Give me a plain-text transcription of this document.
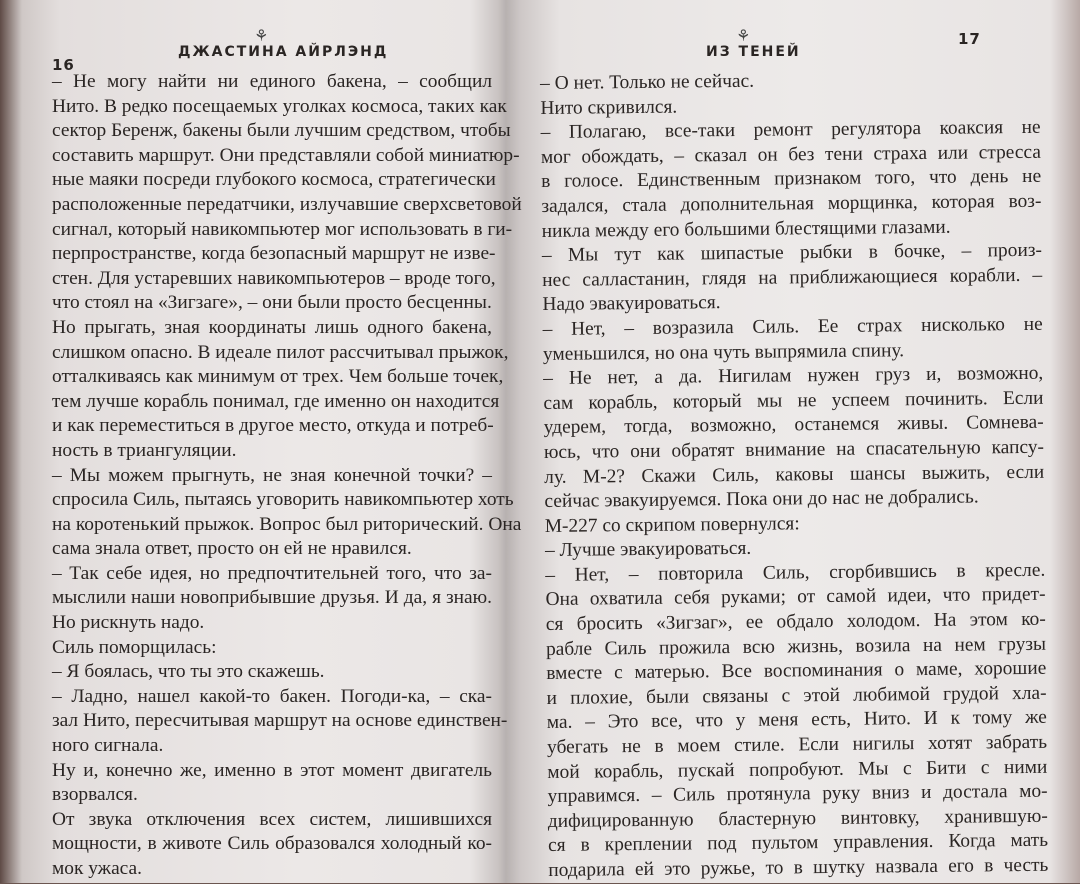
⚘
16
ДЖАСТИНА АЙРЛЭНД
– Не могу найти ни единого бакена, – сообщил
Нито. В редко посещаемых уголках космоса, таких как
сектор Беренж, бакены были лучшим средством, чтобы
составить маршрут. Они представляли собой миниатюр-
ные маяки посреди глубокого космоса, стратегически
расположенные передатчики, излучавшие сверхсветовой
сигнал, который навикомпьютер мог использовать в ги-
перпространстве, когда безопасный маршрут не изве-
стен. Для устаревших навикомпьютеров – вроде того,
что стоял на «Зигзаге», – они были просто бесценны.
Но прыгать, зная координаты лишь одного бакена,
слишком опасно. В идеале пилот рассчитывал прыжок,
отталкиваясь как минимум от трех. Чем больше точек,
тем лучше корабль понимал, где именно он находится
и как переместиться в другое место, откуда и потреб-
ность в триангуляции.
– Мы можем прыгнуть, не зная конечной точки? –
спросила Силь, пытаясь уговорить навикомпьютер хоть
на коротенький прыжок. Вопрос был риторический. Она
сама знала ответ, просто он ей не нравился.
– Так себе идея, но предпочтительней того, что за-
мыслили наши новоприбывшие друзья. И да, я знаю.
Но рискнуть надо.
Силь поморщилась:
– Я боялась, что ты это скажешь.
– Ладно, нашел какой-то бакен. Погоди-ка, – ска-
зал Нито, пересчитывая маршрут на основе единствен-
ного сигнала.
Ну и, конечно же, именно в этот момент двигатель
взорвался.
От звука отключения всех систем, лишившихся
мощности, в животе Силь образовался холодный ко-
мок ужаса.
⚘
ИЗ ТЕНЕЙ
17
– О нет. Только не сейчас.
Нито скривился.
– Полагаю, все-таки ремонт регулятора коаксия не
мог обождать, – сказал он без тени страха или стресса
в голосе. Единственным признаком того, что день не
задался, стала дополнительная морщинка, которая воз-
никла между его большими блестящими глазами.
– Мы тут как шипастые рыбки в бочке, – произ-
нес салластанин, глядя на приближающиеся корабли. –
Надо эвакуироваться.
– Нет, – возразила Силь. Ее страх нисколько не
уменьшился, но она чуть выпрямила спину.
– Не нет, а да. Нигилам нужен груз и, возможно,
сам корабль, который мы не успеем починить. Если
удерем, тогда, возможно, останемся живы. Сомнева-
юсь, что они обратят внимание на спасательную капсу-
лу. М-2? Скажи Силь, каковы шансы выжить, если
сейчас эвакуируемся. Пока они до нас не добрались.
М-227 со скрипом повернулся:
– Лучше эвакуироваться.
– Нет, – повторила Силь, сгорбившись в кресле.
Она охватила себя руками; от самой идеи, что придет-
ся бросить «Зигзаг», ее обдало холодом. На этом ко-
рабле Силь прожила всю жизнь, возила на нем грузы
вместе с матерью. Все воспоминания о маме, хорошие
и плохие, были связаны с этой любимой грудой хла-
ма. – Это все, что у меня есть, Нито. И к тому же
убегать не в моем стиле. Если нигилы хотят забрать
мой корабль, пускай попробуют. Мы с Бити с ними
управимся. – Силь протянула руку вниз и достала мо-
дифицированную бластерную винтовку, хранившую-
ся в креплении под пультом управления. Когда мать
подарила ей это ружье, то в шутку назвала его в честь
